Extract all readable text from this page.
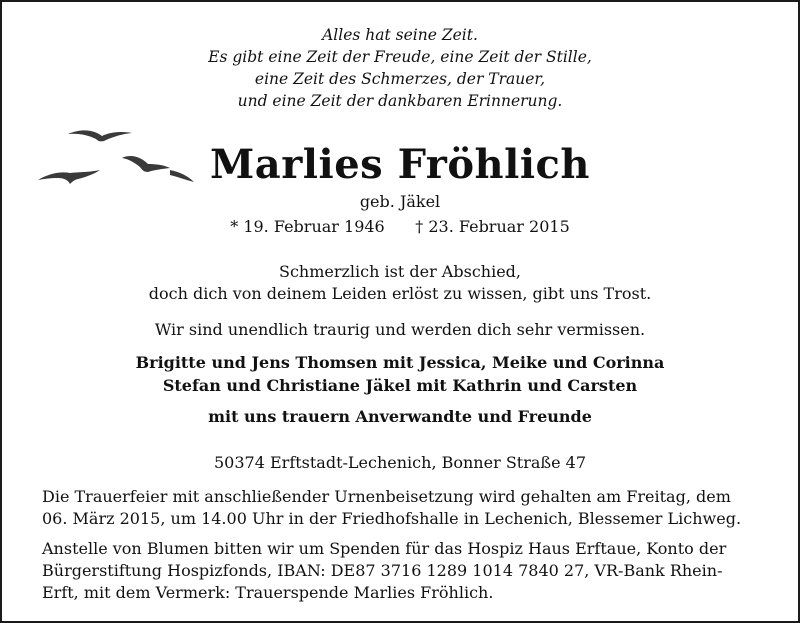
Alles hat seine Zeit.
Es gibt eine Zeit der Freude, eine Zeit der Stille,
eine Zeit des Schmerzes, der Trauer,
und eine Zeit der dankbaren Erinnerung.
Marlies Fröhlich
geb. Jäkel
* 19. Februar 1946      † 23. Februar 2015
Schmerzlich ist der Abschied,
doch dich von deinem Leiden erlöst zu wissen, gibt uns Trost.
Wir sind unendlich traurig und werden dich sehr vermissen.
Brigitte und Jens Thomsen mit Jessica, Meike und Corinna
Stefan und Christiane Jäkel mit Kathrin und Carsten
mit uns trauern Anverwandte und Freunde
50374 Erftstadt-Lechenich, Bonner Straße 47
Die Trauerfeier mit anschließender Urnenbeisetzung wird gehalten am Freitag, dem
06. März 2015, um 14.00 Uhr in der Friedhofshalle in Lechenich, Blessemer Lichweg.
Anstelle von Blumen bitten wir um Spenden für das Hospiz Haus Erftaue, Konto der
Bürgerstiftung Hospizfonds, IBAN: DE87 3716 1289 1014 7840 27, VR-Bank Rhein-
Erft, mit dem Vermerk: Trauerspende Marlies Fröhlich.
